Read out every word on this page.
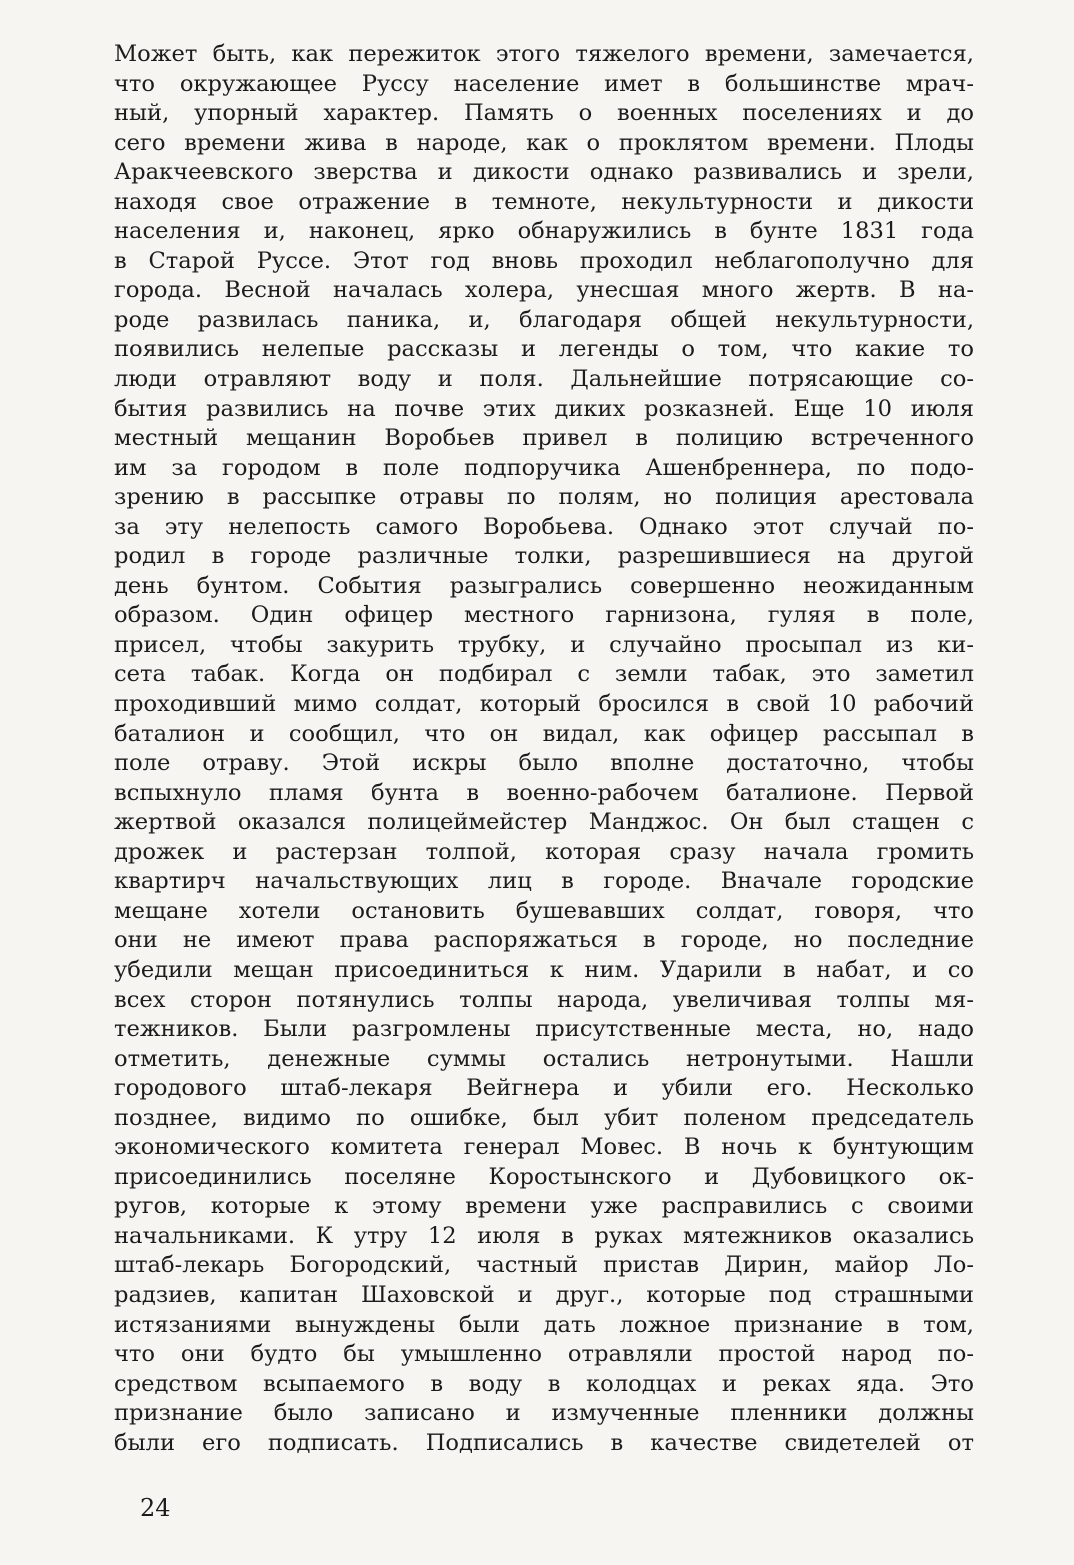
Может быть, как пережиток этого тяжелого времени, замечается,
что окружающее Руссу население имет в большинстве мрач-
ный, упорный характер. Память о военных поселениях и до
сего времени жива в народе, как о проклятом времени. Плоды
Аракчеевского зверства и дикости однако развивались и зрели,
находя свое отражение в темноте, некультурности и дикости
населения и, наконец, ярко обнаружились в бунте 1831 года
в Старой Руссе. Этот год вновь проходил неблагополучно для
города. Весной началась холера, унесшая много жертв. В на-
роде развилась паника, и, благодаря общей некультурности,
появились нелепые рассказы и легенды о том, что какие то
люди отравляют воду и поля. Дальнейшие потрясающие со-
бытия развились на почве этих диких розказней. Еще 10 июля
местный мещанин Воробьев привел в полицию встреченного
им за городом в поле подпоручика Ашенбреннера, по подо-
зрению в рассыпке отравы по полям, но полиция арестовала
за эту нелепость самого Воробьева. Однако этот случай по-
родил в городе различные толки, разрешившиеся на другой
день бунтом. События разыгрались совершенно неожиданным
образом. Один офицер местного гарнизона, гуляя в поле,
присел, чтобы закурить трубку, и случайно просыпал из ки-
сета табак. Когда он подбирал с земли табак, это заметил
проходивший мимо солдат, который бросился в свой 10 рабочий
баталион и сообщил, что он видал, как офицер рассыпал в
поле отраву. Этой искры было вполне достаточно, чтобы
вспыхнуло пламя бунта в военно-рабочем баталионе. Первой
жертвой оказался полицеймейстер Манджос. Он был стащен с
дрожек и растерзан толпой, которая сразу начала громить
квартирч начальствующих лиц в городе. Вначале городские
мещане хотели остановить бушевавших солдат, говоря, что
они не имеют права распоряжаться в городе, но последние
убедили мещан присоединиться к ним. Ударили в набат, и со
всех сторон потянулись толпы народа, увеличивая толпы мя-
тежников. Были разгромлены присутственные места, но, надо
отметить, денежные суммы остались нетронутыми. Нашли
городового штаб-лекаря Вейгнера и убили его. Несколько
позднее, видимо по ошибке, был убит поленом председатель
экономического комитета генерал Мовес. В ночь к бунтующим
присоединились поселяне Коростынского и Дубовицкого ок-
ругов, которые к этому времени уже расправились с своими
начальниками. К утру 12 июля в руках мятежников оказались
штаб-лекарь Богородский, частный пристав Дирин, майор Ло-
радзиев, капитан Шаховской и друг., которые под страшными
истязаниями вынуждены были дать ложное признание в том,
что они будто бы умышленно отравляли простой народ по-
средством всыпаемого в воду в колодцах и реках яда. Это
признание было записано и измученные пленники должны
были его подписать. Подписались в качестве свидетелей от
24
